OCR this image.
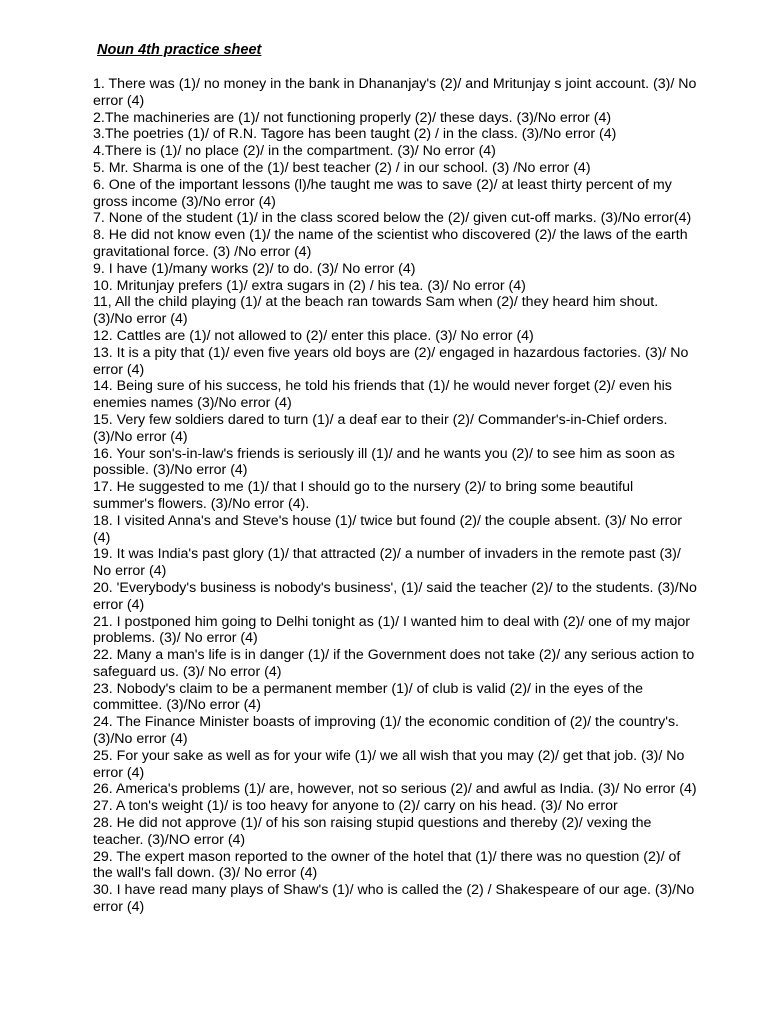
Noun 4th practice sheet

1. There was (1)/ no money in the bank in Dhananjay's (2)/ and Mritunjay s joint account. (3)/ No error (4)

2.The machineries are (1)/ not functioning properly (2)/ these days. (3)/No error (4)

3.The poetries (1)/ of R.N. Tagore has been taught (2) / in the class. (3)/No error (4)

4.There is (1)/ no place (2)/ in the compartment. (3)/ No error (4)

5. Mr. Sharma is one of the (1)/ best teacher (2) / in our school. (3) /No error (4)

6. One of the important lessons (l)/he taught me was to save (2)/ at least thirty percent of my gross income (3)/No error (4)

7. None of the student (1)/ in the class scored below the (2)/ given cut-off marks. (3)/No error(4)

8. He did not know even (1)/ the name of the scientist who discovered (2)/ the laws of the earth gravitational force. (3) /No error (4)

9. I have (1)/many works (2)/ to do. (3)/ No error (4)

10. Mritunjay prefers (1)/ extra sugars in (2) / his tea. (3)/ No error (4)

11, All the child playing (1)/ at the beach ran towards Sam when (2)/ they heard him shout. (3)/No error (4)

12. Cattles are (1)/ not allowed to (2)/ enter this place. (3)/ No error (4)

13. It is a pity that (1)/ even five years old boys are (2)/ engaged in hazardous factories. (3)/ No error (4)

14. Being sure of his success, he told his friends that (1)/ he would never forget (2)/ even his enemies names (3)/No error (4)

15. Very few soldiers dared to turn (1)/ a deaf ear to their (2)/ Commander's-in-Chief orders. (3)/No error (4)

16. Your son's-in-law's friends is seriously ill (1)/ and he wants you (2)/ to see him as soon as possible. (3)/No error (4)

17. He suggested to me (1)/ that I should go to the nursery (2)/ to bring some beautiful summer's flowers. (3)/No error (4).

18. I visited Anna's and Steve's house (1)/ twice but found (2)/ the couple absent. (3)/ No error (4)

19. It was India's past glory (1)/ that attracted (2)/ a number of invaders in the remote past (3)/ No error (4)

20. 'Everybody's business is nobody's business', (1)/ said the teacher (2)/ to the students. (3)/No error (4)

21. I postponed him going to Delhi tonight as (1)/ I wanted him to deal with (2)/ one of my major problems. (3)/ No error (4)

22. Many a man's life is in danger (1)/ if the Government does not take (2)/ any serious action to safeguard us. (3)/ No error (4)

23. Nobody's claim to be a permanent member (1)/ of club is valid (2)/ in the eyes of the committee. (3)/No error (4)

24. The Finance Minister boasts of improving (1)/ the economic condition of (2)/ the country's. (3)/No error (4)

25. For your sake as well as for your wife (1)/ we all wish that you may (2)/ get that job. (3)/ No error (4)

26. America's problems (1)/ are, however, not so serious (2)/ and awful as India. (3)/ No error (4)

27. A ton's weight (1)/ is too heavy for anyone to (2)/ carry on his head. (3)/ No error

28. He did not approve (1)/ of his son raising stupid questions and thereby (2)/ vexing the teacher. (3)/NO error (4)

29. The expert mason reported to the owner of the hotel that (1)/ there was no question (2)/ of the wall's fall down. (3)/ No error (4)

30. I have read many plays of Shaw's (1)/ who is called the (2) / Shakespeare of our age. (3)/No error (4)
